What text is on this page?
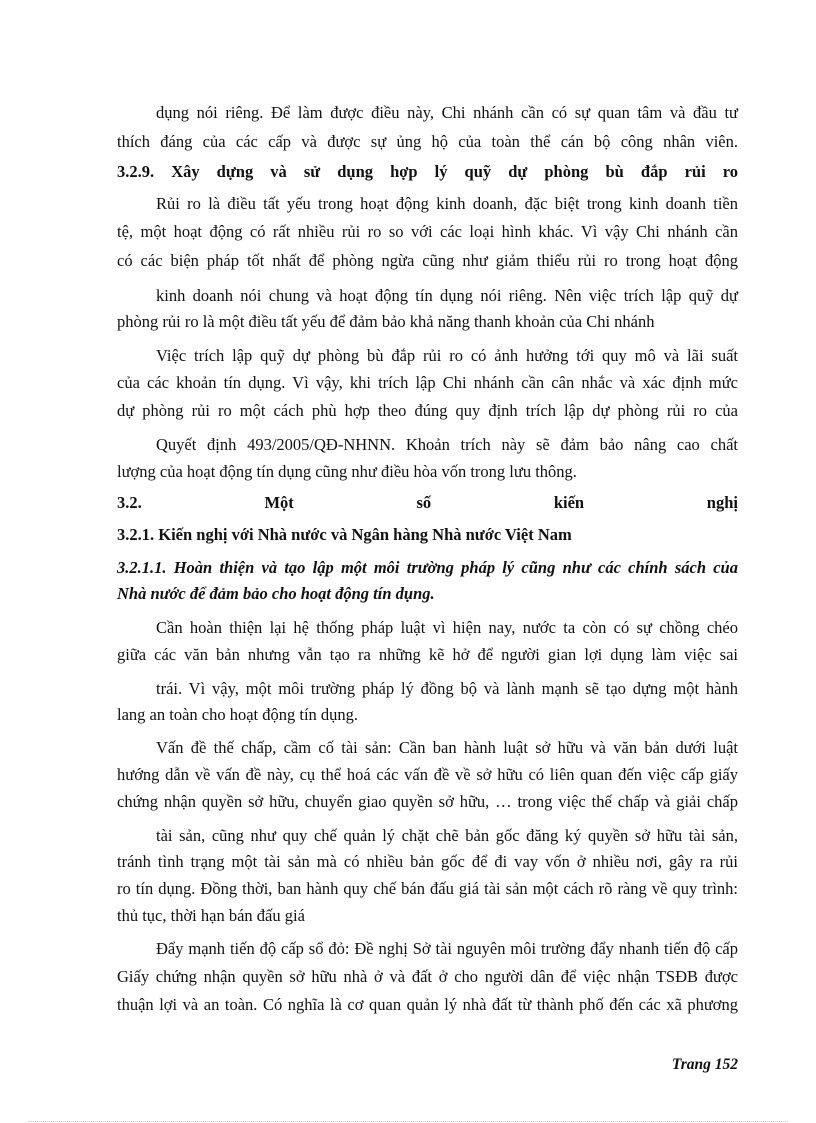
dụng nói riêng. Để làm được điều này, Chi nhánh cần có sự quan tâm và đầu tư

thích đáng của các cấp và được sự ủng hộ của toàn thể cán bộ công nhân viên.

3.2.9. Xây dựng và sử dụng hợp lý quỹ dự phòng bù đắp rủi ro

Rủi ro là điều tất yếu trong hoạt động kinh doanh, đặc biệt trong kinh doanh tiền

tệ, một hoạt động có rất nhiều rủi ro so với các loại hình khác. Vì vậy Chi nhánh cần

có các biện pháp tốt nhất để phòng ngừa cũng như giảm thiểu rủi ro trong hoạt động

kinh doanh nói chung và hoạt động tín dụng nói riêng. Nên việc trích lập quỹ dự

phòng rủi ro là một điều tất yếu để đảm bảo khả năng thanh khoản của Chi nhánh

Việc trích lập quỹ dự phòng bù đắp rủi ro có ảnh hưởng tới quy mô và lãi suất

của các khoản tín dụng. Vì vậy, khi trích lập Chi nhánh cần cân nhắc và xác định mức

dự phòng rủi ro một cách phù hợp theo đúng quy định trích lập dự phòng rủi ro của

Quyết định 493/2005/QĐ-NHNN. Khoản trích này sẽ đảm bảo nâng cao chất

lượng của hoạt động tín dụng cũng như điều hòa vốn trong lưu thông.

3.2.	Một	số	kiến	nghị

3.2.1. Kiến nghị với Nhà nước và Ngân hàng Nhà nước Việt Nam

3.2.1.1. Hoàn thiện và tạo lập một môi trường pháp lý cũng như các chính sách của

Nhà nước để đảm bảo cho hoạt động tín dụng.

Cần hoàn thiện lại hệ thống pháp luật vì hiện nay, nước ta còn có sự chồng chéo

giữa các văn bản nhưng vẫn tạo ra những kẽ hở để người gian lợi dụng làm việc sai

trái. Vì vậy, một môi trường pháp lý đồng bộ và lành mạnh sẽ tạo dựng một hành

lang an toàn cho hoạt động tín dụng.

Vấn đề thế chấp, cầm cố tài sản: Cần ban hành luật sở hữu và văn bản dưới luật

hướng dẫn về vấn đề này, cụ thể hoá các vấn đề về sở hữu có liên quan đến việc cấp giấy

chứng nhận quyền sở hữu, chuyển giao quyền sở hữu, … trong việc thế chấp và giải chấp

tài sản, cũng như quy chế quản lý chặt chẽ bản gốc đăng ký quyền sở hữu tài sản,

tránh tình trạng một tài sản mà có nhiều bản gốc để đi vay vốn ở nhiều nơi, gây ra rủi

ro tín dụng. Đồng thời, ban hành quy chế bán đấu giá tài sản một cách rõ ràng về quy trình:

thủ tục, thời hạn bán đấu giá

Đẩy mạnh tiến độ cấp sổ đỏ: Đề nghị Sở tài nguyên môi trường đẩy nhanh tiến độ cấp

Giấy chứng nhận quyền sở hữu nhà ở và đất ở cho người dân để việc nhận TSĐB được

thuận lợi và an toàn. Có nghĩa là cơ quan quản lý nhà đất từ thành phố đến các xã phương

Trang 152
